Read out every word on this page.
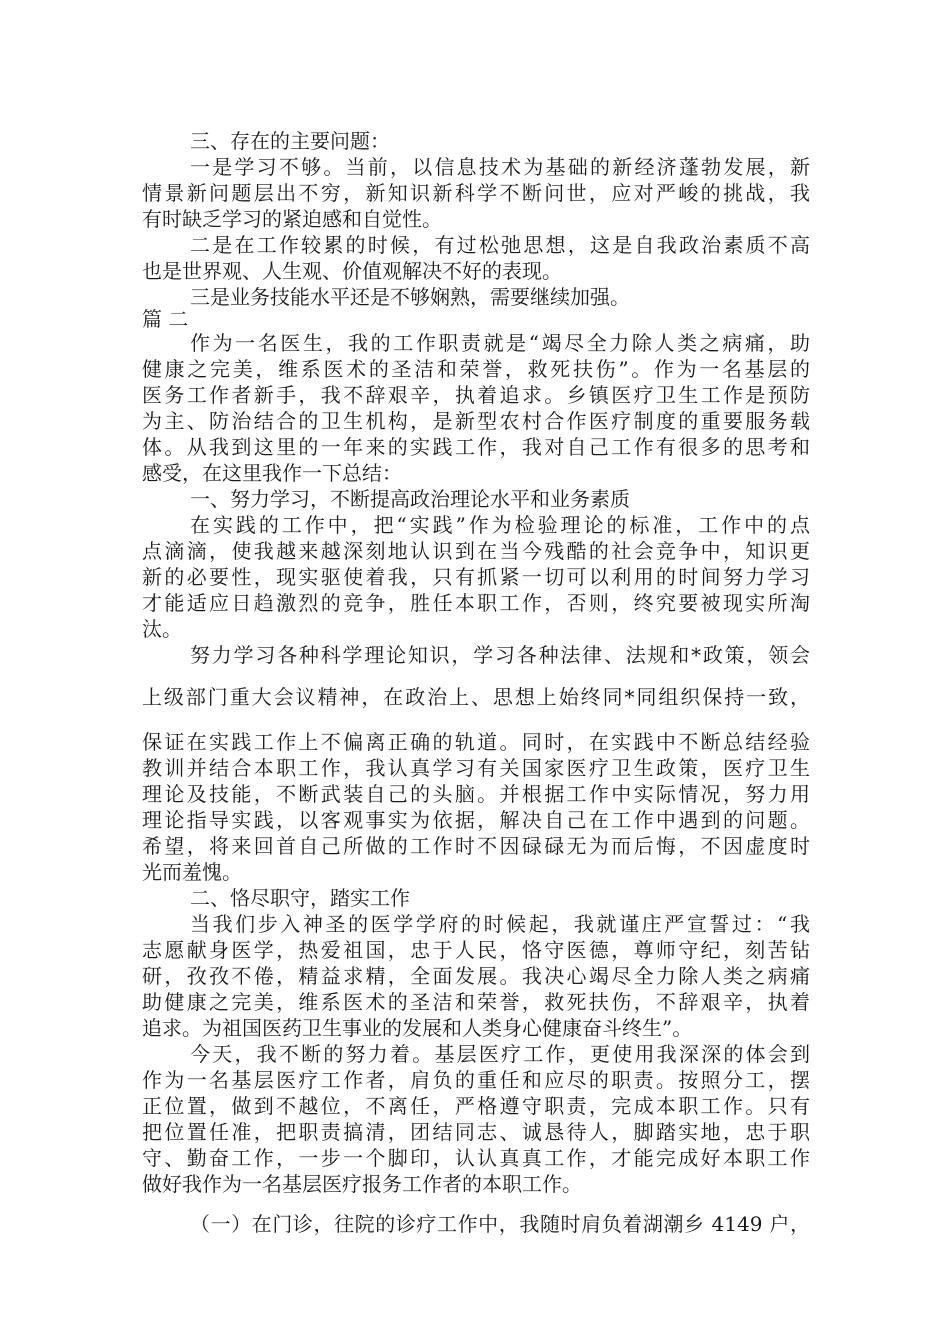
三、存在的主要问题：
一是学习不够。当前，以信息技术为基础的新经济蓬勃发展，新
情景新问题层出不穷，新知识新科学不断问世，应对严峻的挑战，我
有时缺乏学习的紧迫感和自觉性。
二是在工作较累的时候，有过松弛思想，这是自我政治素质不高
也是世界观、人生观、价值观解决不好的表现。
三是业务技能水平还是不够娴熟，需要继续加强。
篇 二
作为一名医生，我的工作职责就是“竭尽全力除人类之病痛，助
健康之完美，维系医术的圣洁和荣誉，救死扶伤”。作为一名基层的
医务工作者新手，我不辞艰辛，执着追求。乡镇医疗卫生工作是预防
为主、防治结合的卫生机构，是新型农村合作医疗制度的重要服务载
体。从我到这里的一年来的实践工作，我对自己工作有很多的思考和
感受，在这里我作一下总结：
一、努力学习，不断提高政治理论水平和业务素质
在实践的工作中，把“实践”作为检验理论的标准，工作中的点
点滴滴，使我越来越深刻地认识到在当今残酷的社会竞争中，知识更
新的必要性，现实驱使着我，只有抓紧一切可以利用的时间努力学习
才能适应日趋激烈的竞争，胜任本职工作，否则，终究要被现实所淘
汰。
努力学习各种科学理论知识，学习各种法律、法规和*政策，领会
上级部门重大会议精神，在政治上、思想上始终同*同组织保持一致，
保证在实践工作上不偏离正确的轨道。同时，在实践中不断总结经验
教训并结合本职工作，我认真学习有关国家医疗卫生政策，医疗卫生
理论及技能，不断武装自己的头脑。并根据工作中实际情况，努力用
理论指导实践，以客观事实为依据，解决自己在工作中遇到的问题。
希望，将来回首自己所做的工作时不因碌碌无为而后悔，不因虚度时
光而羞愧。
二、恪尽职守，踏实工作
当我们步入神圣的医学学府的时候起，我就谨庄严宣誓过：“我
志愿献身医学，热爱祖国，忠于人民，恪守医德，尊师守纪，刻苦钻
研，孜孜不倦，精益求精，全面发展。我决心竭尽全力除人类之病痛
助健康之完美，维系医术的圣洁和荣誉，救死扶伤，不辞艰辛，执着
追求。为祖国医药卫生事业的发展和人类身心健康奋斗终生”。
今天，我不断的努力着。基层医疗工作，更使用我深深的体会到
作为一名基层医疗工作者，肩负的重任和应尽的职责。按照分工，摆
正位置，做到不越位，不离任，严格遵守职责，完成本职工作。只有
把位置任准，把职责搞清，团结同志、诚恳待人，脚踏实地，忠于职
守、勤奋工作，一步一个脚印，认认真真工作，才能完成好本职工作
做好我作为一名基层医疗报务工作者的本职工作。
（一）在门诊，往院的诊疗工作中，我随时肩负着湖潮乡 4149 户，
